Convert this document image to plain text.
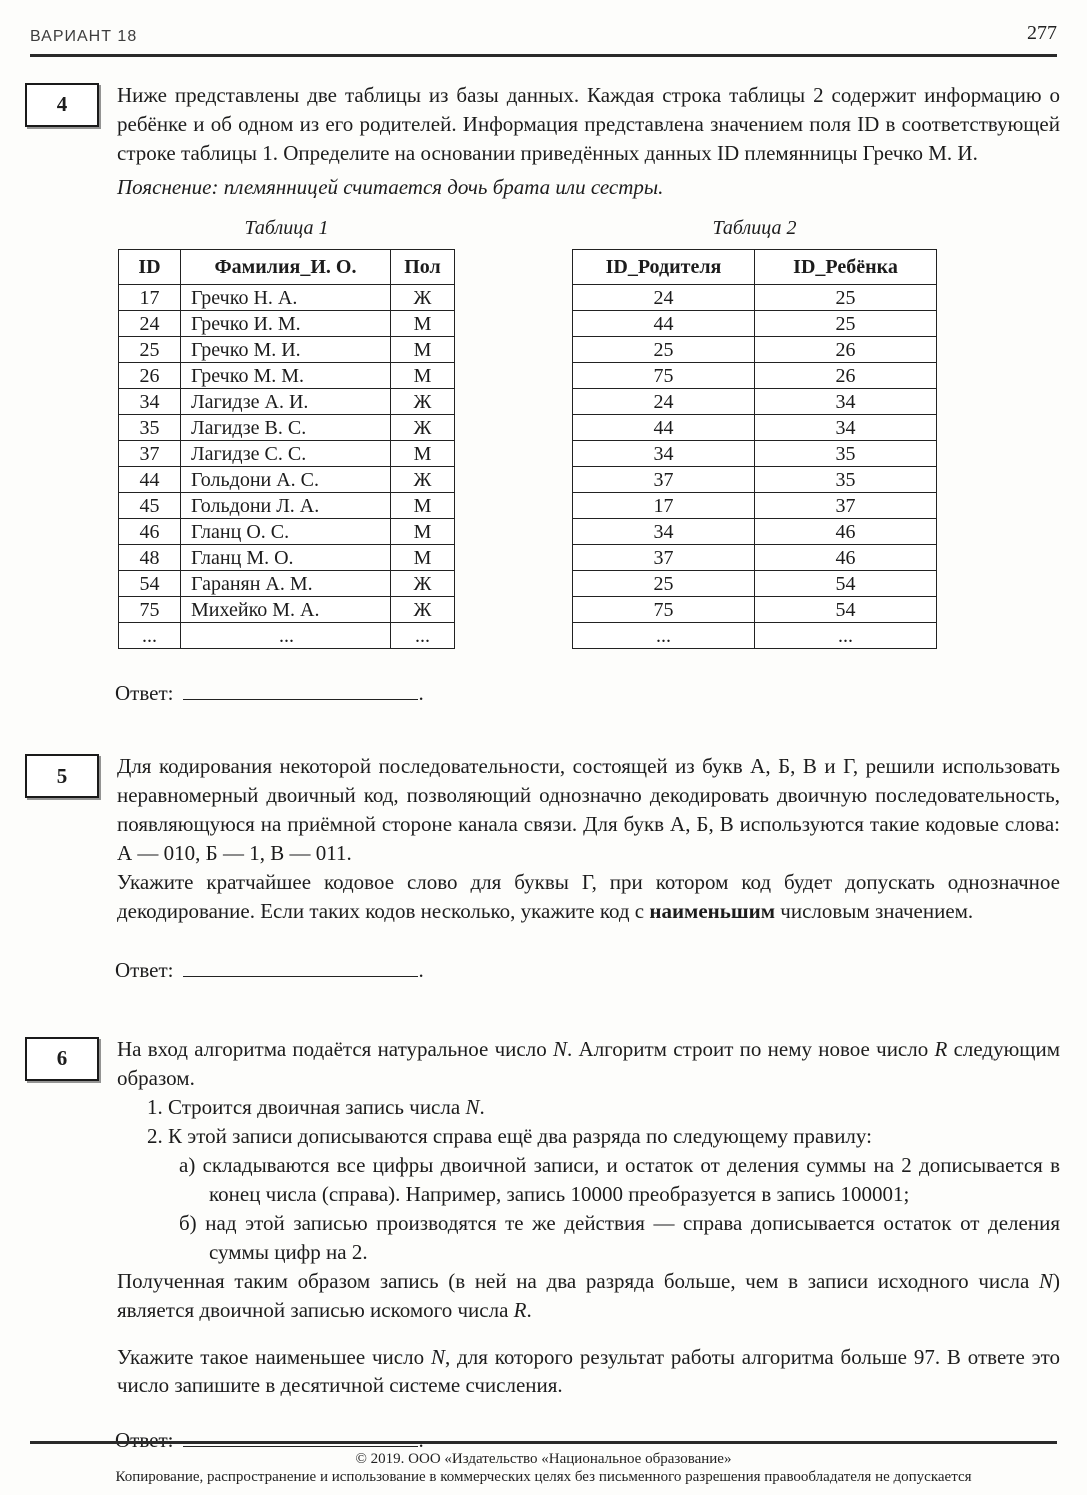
ВАРИАНТ 18	277
4	Ниже представлены две таблицы из базы данных. Каждая строка таблицы 2 содержит информацию о ребёнке и об одном из его родителей. Информация представлена значением поля ID в соответствующей строке таблицы 1. Определите на основании приведённых данных ID племянницы Гречко М. И.
Пояснение: племянницей считается дочь брата или сестры.
Таблица 1
ID	Фамилия_И. О.	Пол
17	Гречко Н. А.	Ж
24	Гречко И. М.	М
25	Гречко М. И.	М
26	Гречко М. М.	М
34	Лагидзе А. И.	Ж
35	Лагидзе В. С.	Ж
37	Лагидзе С. С.	М
44	Гольдони А. С.	Ж
45	Гольдони Л. А.	М
46	Гланц О. С.	М
48	Гланц М. О.	М
54	Гаранян А. М.	Ж
75	Михейко М. А.	Ж
...	...	...
Таблица 2
ID_Родителя	ID_Ребёнка
24	25
44	25
25	26
75	26
24	34
44	34
34	35
37	35
17	37
34	46
37	46
25	54
75	54
...	...
Ответ:	.
5	Для кодирования некоторой последовательности, состоящей из букв А, Б, В и Г, решили использовать неравномерный двоичный код, позволяющий однозначно декодировать двоичную последовательность, появляющуюся на приёмной стороне канала связи. Для букв А, Б, В используются такие кодовые слова: А — 010, Б — 1, В — 011.
Укажите кратчайшее кодовое слово для буквы Г, при котором код будет допускать однозначное декодирование. Если таких кодов несколько, укажите код с наименьшим числовым значением.
Ответ:	.
6	На вход алгоритма подаётся натуральное число N. Алгоритм строит по нему новое число R следующим образом.
1. Строится двоичная запись числа N.
2. К этой записи дописываются справа ещё два разряда по следующему правилу:
а) складываются все цифры двоичной записи, и остаток от деления суммы на 2 дописывается в конец числа (справа). Например, запись 10000 преобразуется в запись 100001;
б) над этой записью производятся те же действия — справа дописывается остаток от деления суммы цифр на 2.
Полученная таким образом запись (в ней на два разряда больше, чем в записи исходного числа N) является двоичной записью искомого числа R.
Укажите такое наименьшее число N, для которого результат работы алгоритма больше 97. В ответе это число запишите в десятичной системе счисления.
Ответ:	.
© 2019. ООО «Издательство «Национальное образование»
Копирование, распространение и использование в коммерческих целях без письменного разрешения правообладателя не допускается
